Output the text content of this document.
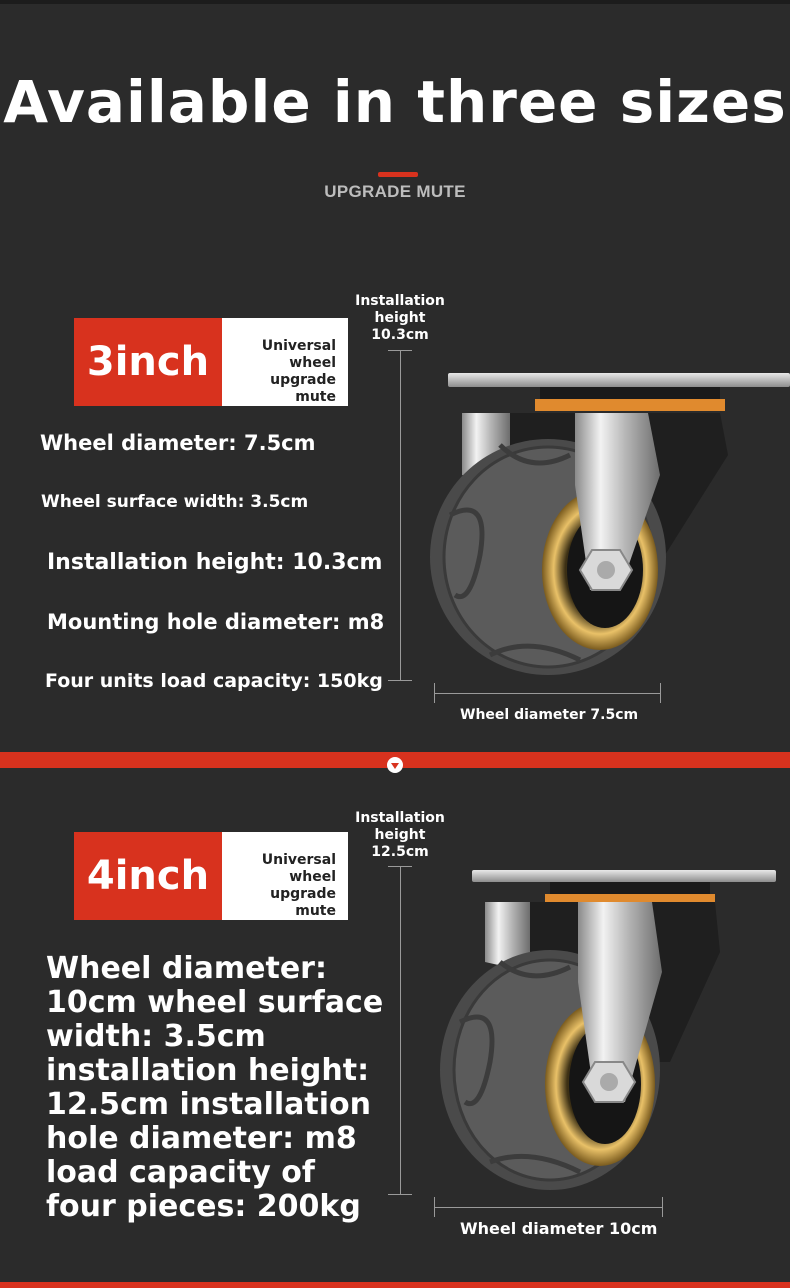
Available in three sizes
UPGRADE MUTE
3inch	Universal
wheel
upgrade mute
Installation
height
10.3cm
Wheel diameter: 7.5cm
Wheel surface width: 3.5cm
Installation height: 10.3cm
Mounting hole diameter: m8
Four units load capacity: 150kg
Wheel diameter 7.5cm
4inch	Universal
wheel
upgrade mute
Installation
height
12.5cm
Wheel diameter: 10cm wheel surface width: 3.5cm installation height: 12.5cm installation hole diameter: m8 load capacity of four pieces: 200kg
Wheel diameter 10cm
